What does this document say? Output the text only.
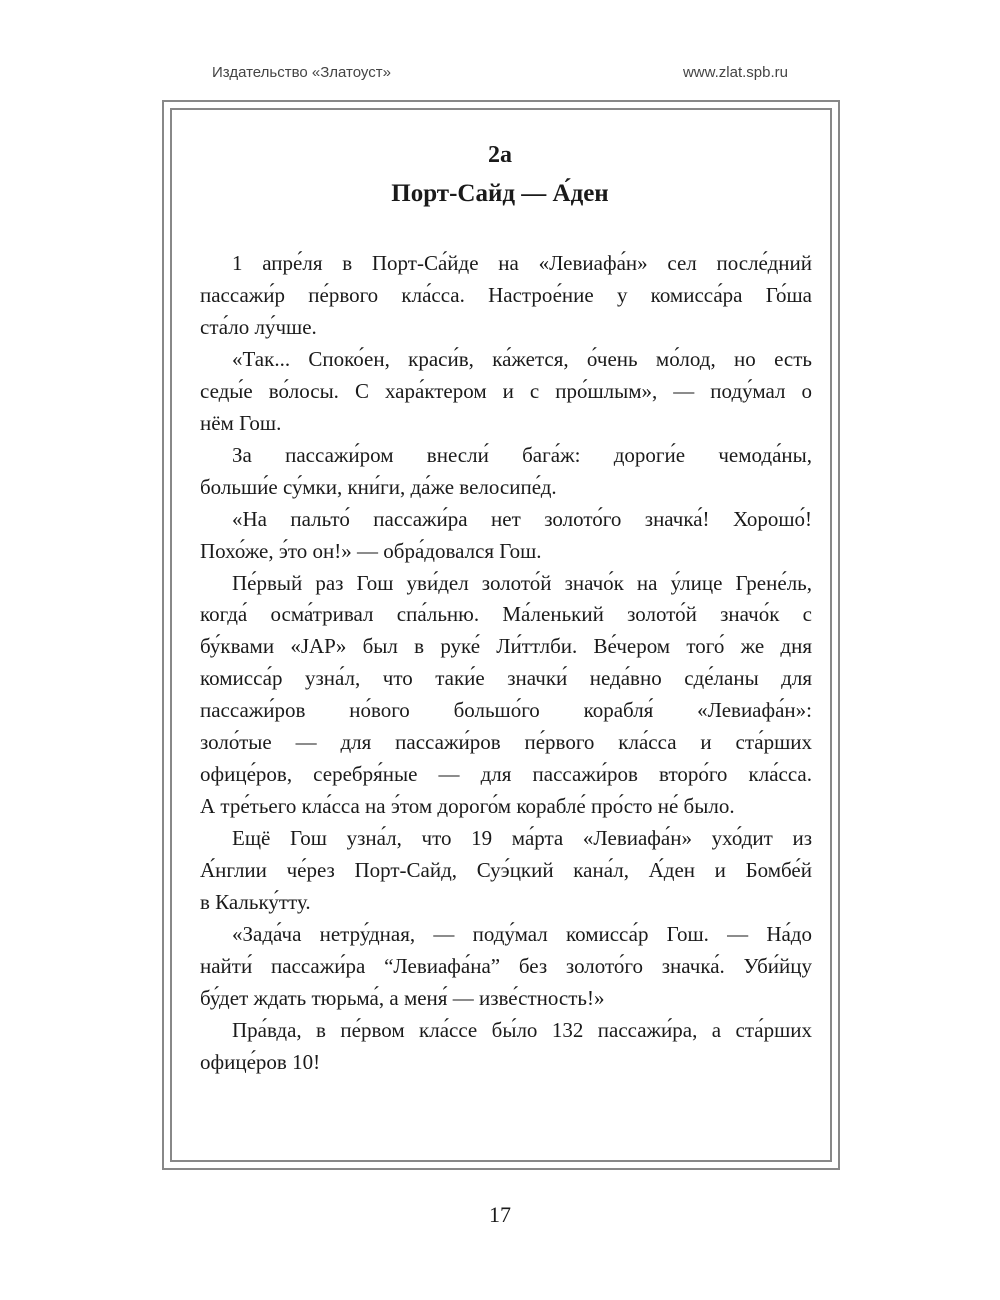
Издательство «Златоуст»	www.zlat.spb.ru
2а
Порт-Сайд — А́ден
1 апре́ля в Порт-Са́йде на «Левиафа́н» сел после́дний
пассажи́р пе́рвого кла́сса. Настрое́ние у комисса́ра Го́ша
ста́ло лу́чше.
«Так... Споко́ен, краси́в, ка́жется, о́чень мо́лод, но есть
седы́е во́лосы. С хара́ктером и с про́шлым», — поду́мал о
нём Гош.
За пассажи́ром внесли́ бага́ж: дороги́е чемода́ны,
больши́е су́мки, кни́ги, да́же велосипе́д.
«На пальто́ пассажи́ра нет золото́го значка́! Хорошо́!
Похо́же, э́то он!» — обра́довался Гош.
Пе́рвый раз Гош уви́дел золото́й значо́к на у́лице Грене́ль,
когда́ осма́тривал спа́льню. Ма́ленький золото́й значо́к с
бу́квами «JAP» был в руке́ Ли́ттлби. Ве́чером того́ же дня
комисса́р узна́л, что таки́е значки́ неда́вно сде́ланы для
пассажи́ров но́вого большо́го корабля́ «Левиафа́н»:
золо́тые — для пассажи́ров пе́рвого кла́сса и ста́рших
офице́ров, серебря́ные — для пассажи́ров второ́го кла́сса.
А тре́тьего кла́сса на э́том дорого́м корабле́ про́сто не́ было.
Ещё Гош узна́л, что 19 ма́рта «Левиафа́н» ухо́дит из
А́нглии че́рез Порт-Сайд, Суэ́цкий кана́л, А́ден и Бомбе́й
в Кальку́тту.
«Зада́ча нетру́дная, — поду́мал комисса́р Гош. — На́до
найти́ пассажи́ра “Левиафа́на” без золото́го значка́. Уби́йцу
бу́дет ждать тюрьма́, а меня́ — изве́стность!»
Пра́вда, в пе́рвом кла́ссе бы́ло 132 пассажи́ра, а ста́рших
офице́ров 10!
17
